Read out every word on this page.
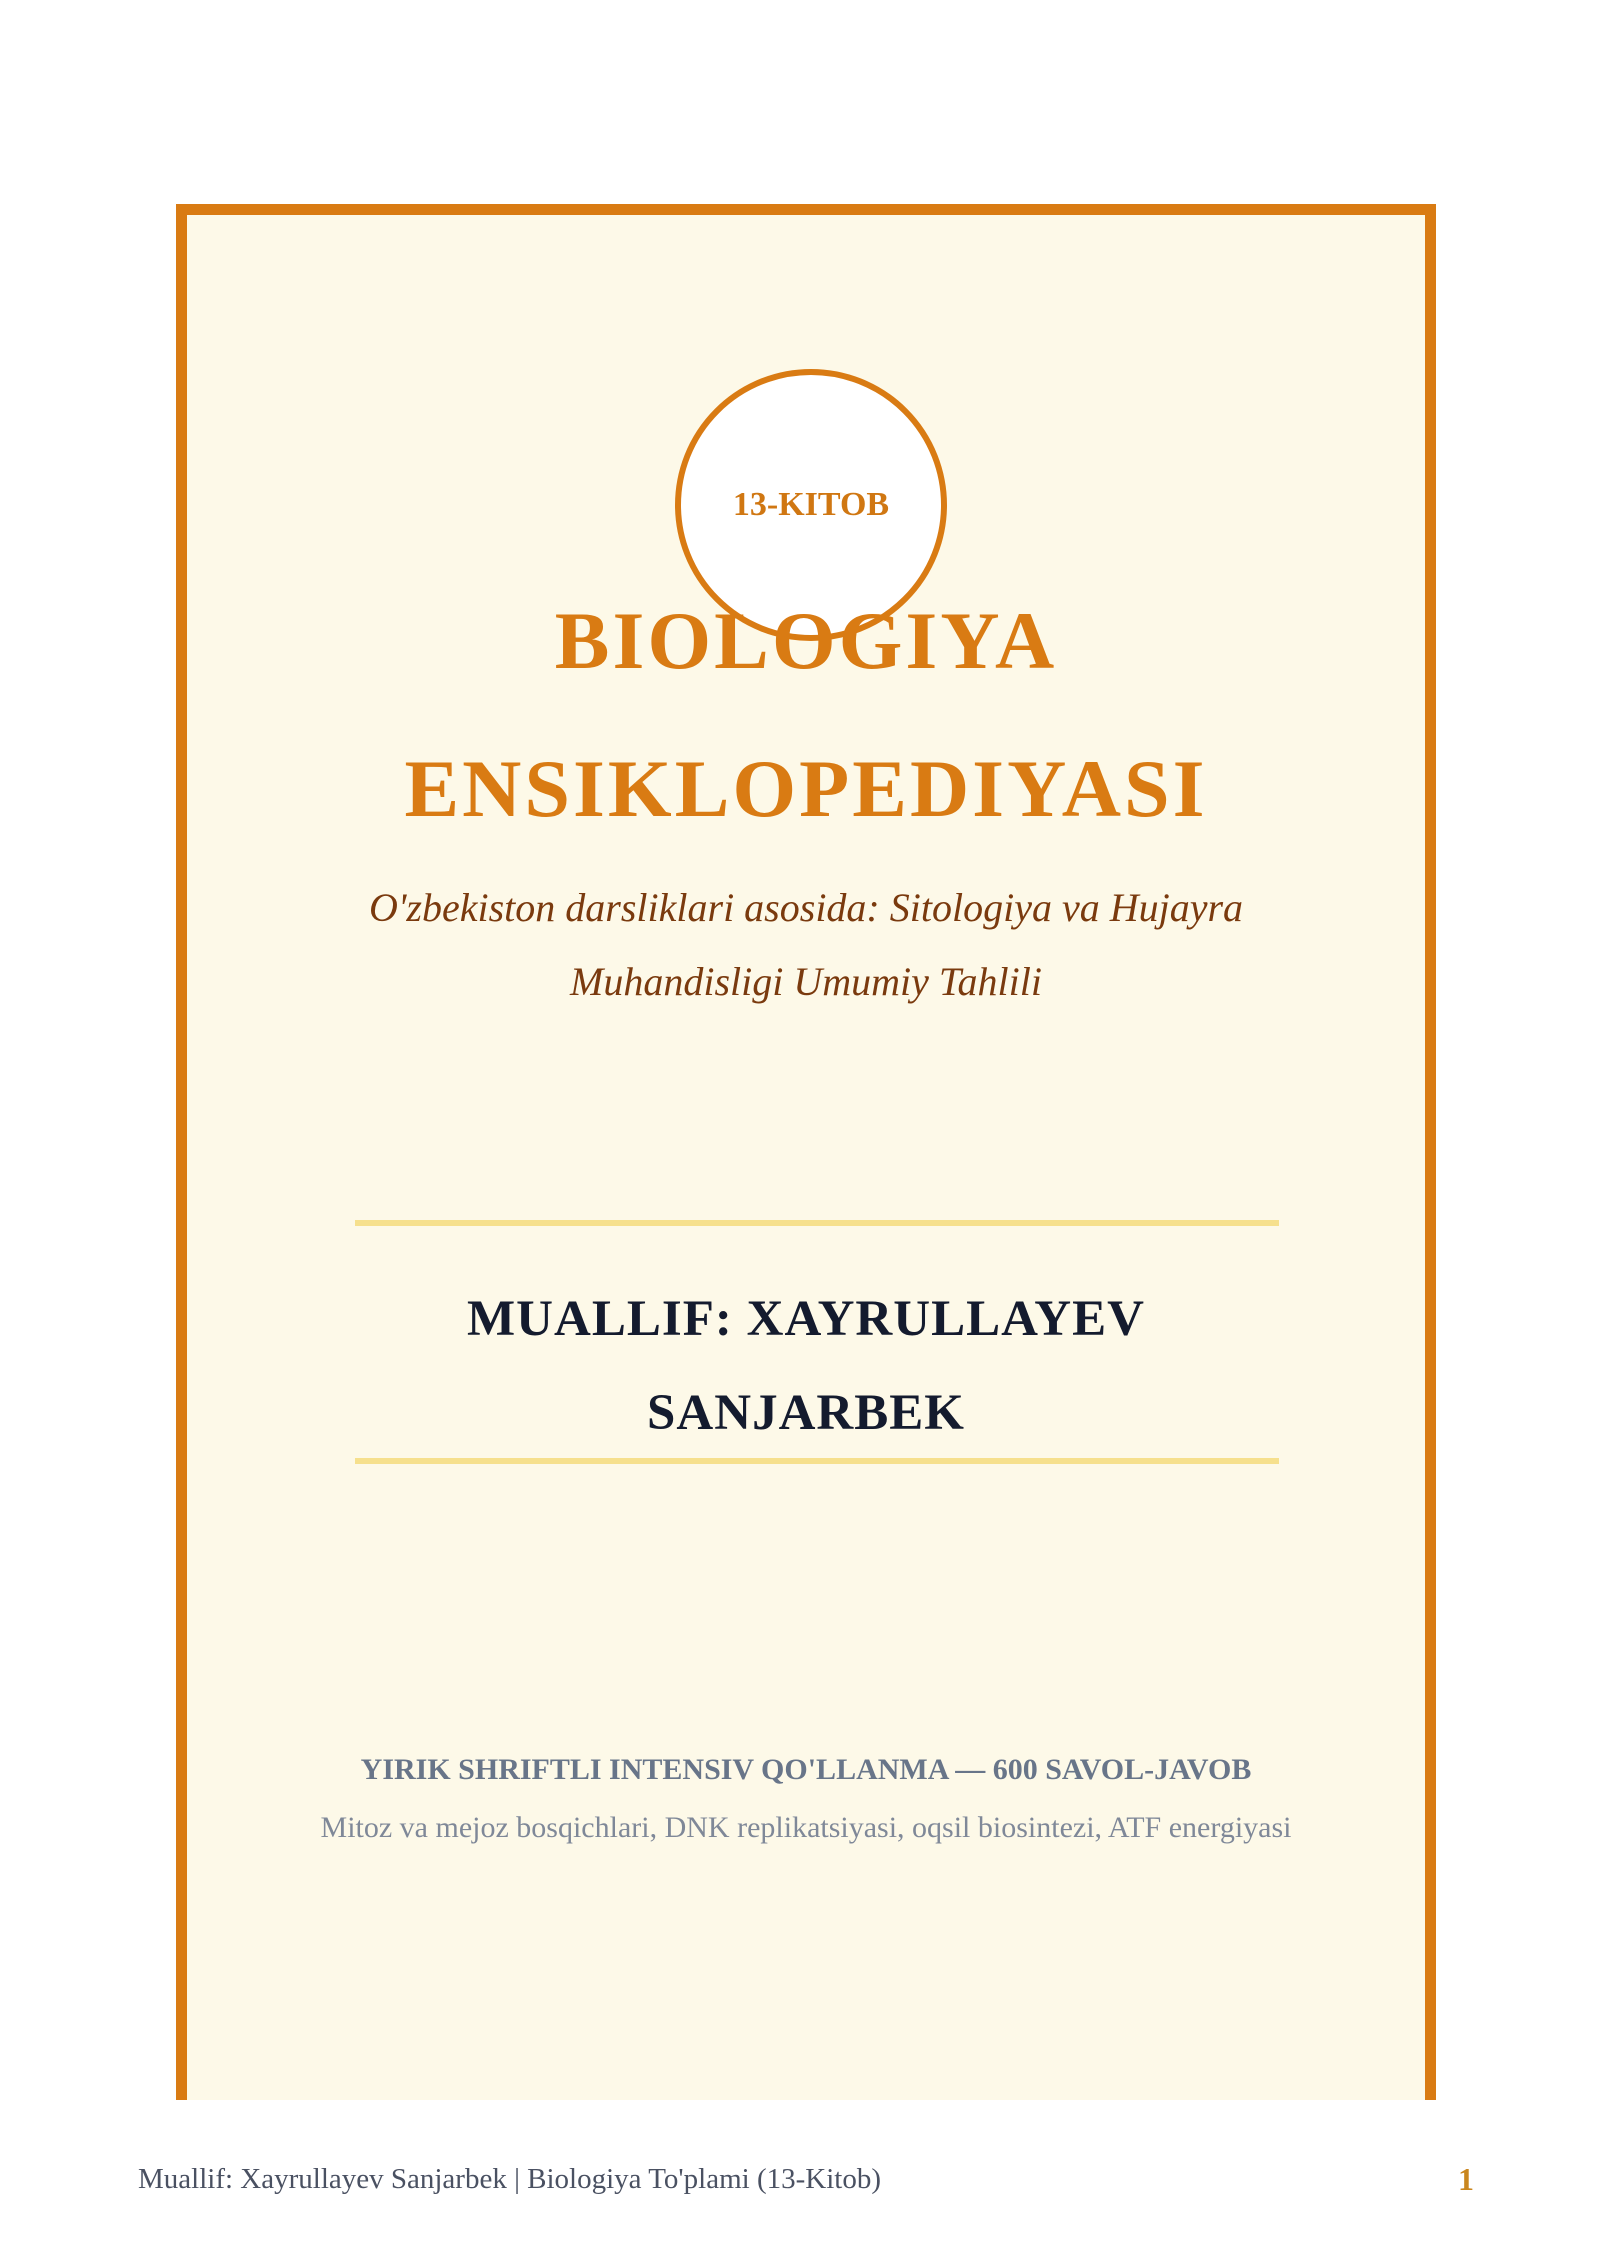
13-KITOB
BIOLOGIYA
ENSIKLOPEDIYASI
O'zbekiston darsliklari asosida: Sitologiya va Hujayra
Muhandisligi Umumiy Tahlili
MUALLIF: XAYRULLAYEV
SANJARBEK
YIRIK SHRIFTLI INTENSIV QO'LLANMA — 600 SAVOL-JAVOB
Mitoz va mejoz bosqichlari, DNK replikatsiyasi, oqsil biosintezi, ATF energiyasi
Muallif: Xayrullayev Sanjarbek | Biologiya To'plami (13-Kitob)	1
